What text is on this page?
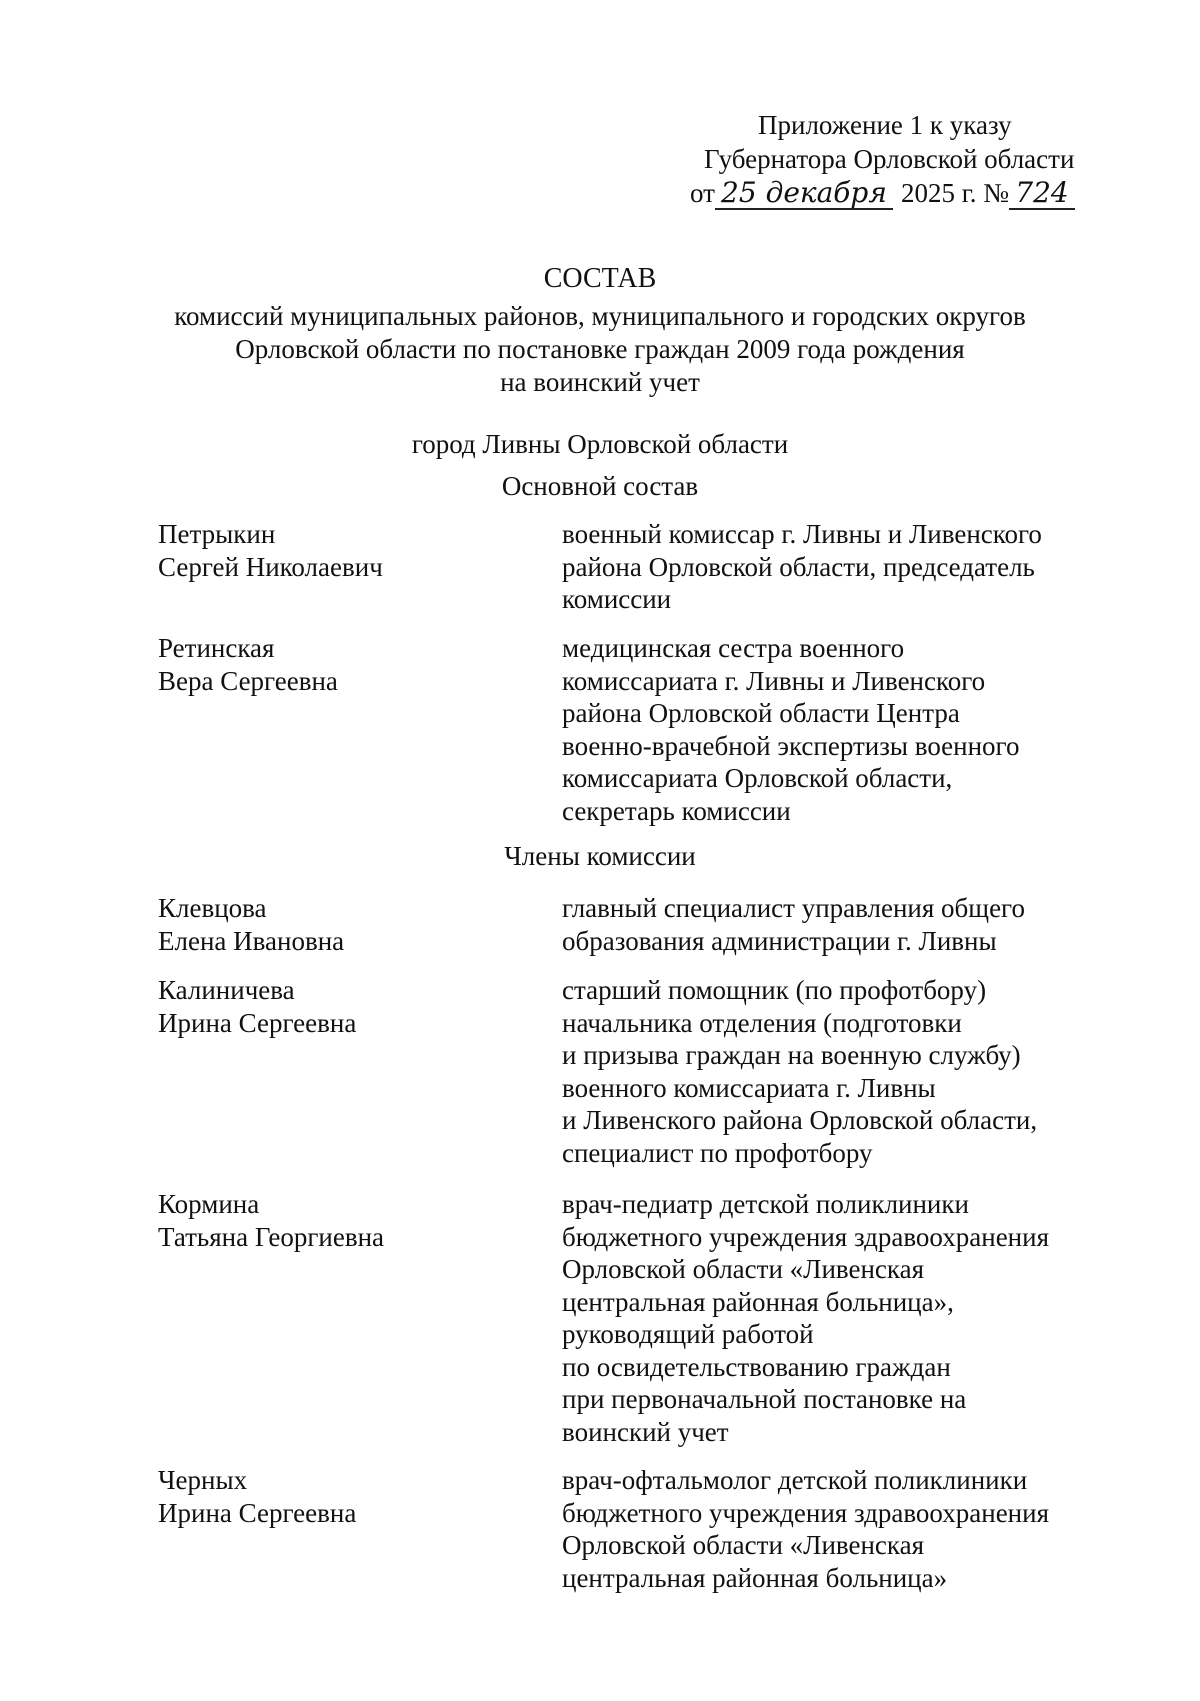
Приложение 1 к указу
Губернатора Орловской области
от 25 декабря 2025 г. № 724
СОСТАВ
комиссий муниципальных районов, муниципального и городских округов
Орловской области по постановке граждан 2009 года рождения
на воинский учет
город Ливны Орловской области
Основной состав
Петрыкин
Сергей Николаевич
военный комиссар г. Ливны и Ливенского
района Орловской области, председатель
комиссии
Ретинская
Вера Сергеевна
медицинская сестра военного
комиссариата г. Ливны и Ливенского
района Орловской области Центра
военно-врачебной экспертизы военного
комиссариата Орловской области,
секретарь комиссии
Члены комиссии
Клевцова
Елена Ивановна
главный специалист управления общего
образования администрации г. Ливны
Калиничева
Ирина Сергеевна
старший помощник (по профотбору)
начальника отделения (подготовки
и призыва граждан на военную службу)
военного комиссариата г. Ливны
и Ливенского района Орловской области,
специалист по профотбору
Кормина
Татьяна Георгиевна
врач-педиатр детской поликлиники
бюджетного учреждения здравоохранения
Орловской области «Ливенская
центральная районная больница»,
руководящий работой
по освидетельствованию граждан
при первоначальной постановке на
воинский учет
Черных
Ирина Сергеевна
врач-офтальмолог детской поликлиники
бюджетного учреждения здравоохранения
Орловской области «Ливенская
центральная районная больница»
